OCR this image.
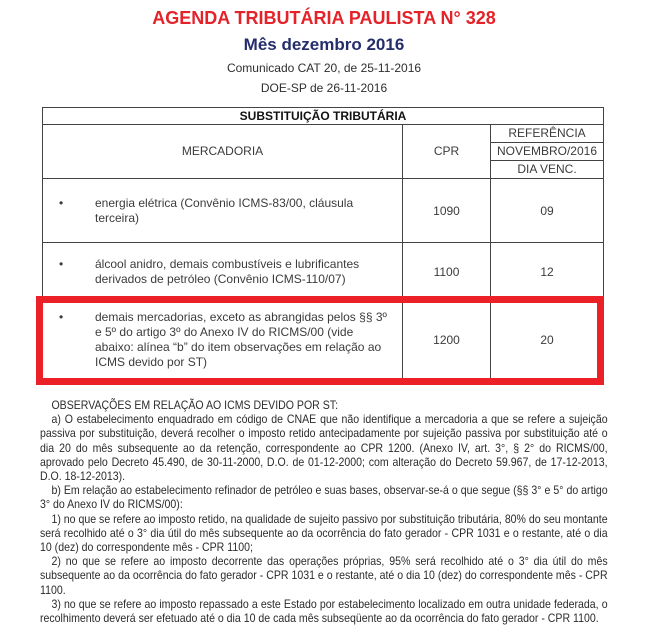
AGENDA TRIBUTÁRIA PAULISTA N° 328
Mês dezembro 2016
Comunicado CAT 20, de 25-11-2016
DOE-SP de 26-11-2016
SUBSTITUIÇÃO TRIBUTÁRIA		
MERCADORIA	CPR	REFERÊNCIA
		NOVEMBRO/2016
		DIA VENC.

• energia elétrica (Convênio ICMS-83/00, cláusula terceira)	1090	09

• álcool anidro, demais combustíveis e lubrificantes derivados de petróleo (Convênio ICMS-110/07)	1100	12

• demais mercadorias, exceto as abrangidas pelos §§ 3º e 5º do artigo 3º do Anexo IV do RICMS/00 (vide abaixo: alínea “b” do item observações em relação ao ICMS devido por ST)	1200	20

OBSERVAÇÕES EM RELAÇÃO AO ICMS DEVIDO POR ST:

a) O estabelecimento enquadrado em código de CNAE que não identifique a mercadoria a que se refere a sujeição passiva por substituição, deverá recolher o imposto retido antecipadamente por sujeição passiva por substituição até o dia 20 do mês subsequente ao da retenção, correspondente ao CPR 1200. (Anexo IV, art. 3°, § 2° do RICMS/00, aprovado pelo Decreto 45.490, de 30-11-2000, D.O. de 01-12-2000; com alteração do Decreto 59.967, de 17-12-2013, D.O. 18-12-2013).

b) Em relação ao estabelecimento refinador de petróleo e suas bases, observar-se-á o que segue (§§ 3° e 5° do artigo 3° do Anexo IV do RICMS/00):

1) no que se refere ao imposto retido, na qualidade de sujeito passivo por substituição tributária, 80% do seu montante será recolhido até o 3° dia útil do mês subsequente ao da ocorrência do fato gerador - CPR 1031 e o restante, até o dia 10 (dez) do correspondente mês - CPR 1100;

2) no que se refere ao imposto decorrente das operações próprias, 95% será recolhido até o 3° dia útil do mês subsequente ao da ocorrência do fato gerador - CPR 1031 e o restante, até o dia 10 (dez) do correspondente mês - CPR 1100.

3) no que se refere ao imposto repassado a este Estado por estabelecimento localizado em outra unidade federada, o recolhimento deverá ser efetuado até o dia 10 de cada mês subseqüente ao da ocorrência do fato gerador - CPR 1100.
